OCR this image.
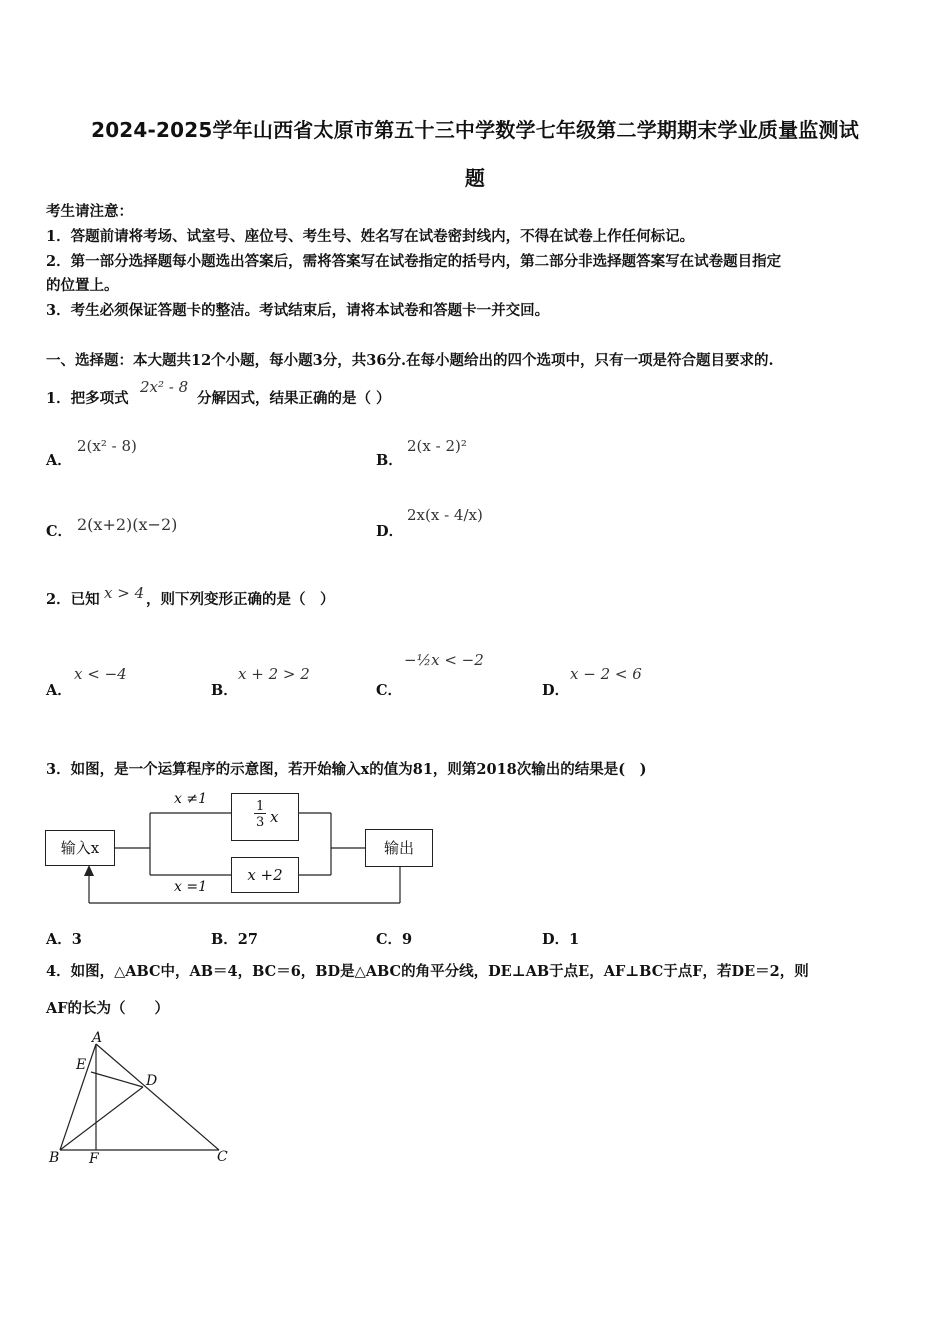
2024-2025学年山西省太原市第五十三中学数学七年级第二学期期末学业质量监测试
题
考生请注意：
1．答题前请将考场、试室号、座位号、考生号、姓名写在试卷密封线内，不得在试卷上作任何标记。
2．第一部分选择题每小题选出答案后，需将答案写在试卷指定的括号内，第二部分非选择题答案写在试卷题目指定
的位置上。
3．考生必须保证答题卡的整洁。考试结束后，请将本试卷和答题卡一并交回。
一、选择题：本大题共12个小题，每小题3分，共36分.在每小题给出的四个选项中，只有一项是符合题目要求的.
1．把多项式
2x² - 8
分解因式，结果正确的是（ ）
A．
2(x² - 8)
B．
2(x - 2)²
C． 2(x+2)(x−2)	D．
2x(x - 4/x)
2．已知 x > 4 ，则下列变形正确的是（　）
A．
x < −4
B．
x + 2 > 2
C．
−½x < −2
D．
x − 2 < 6
3．如图，是一个运算程序的示意图，若开始输入x的值为81，则第2018次输出的结果是(　)
输入x
x ≠1
$\frac{1}{3}$ x
x +2
x =1
输出
A．3	B．27	C．9	D．1
4．如图，△ABC中，AB＝4，BC＝6，BD是△ABC的角平分线，DE⊥AB于点E，AF⊥BC于点F，若DE＝2，则
AF的长为（　　）
A
E
D
B F	C
